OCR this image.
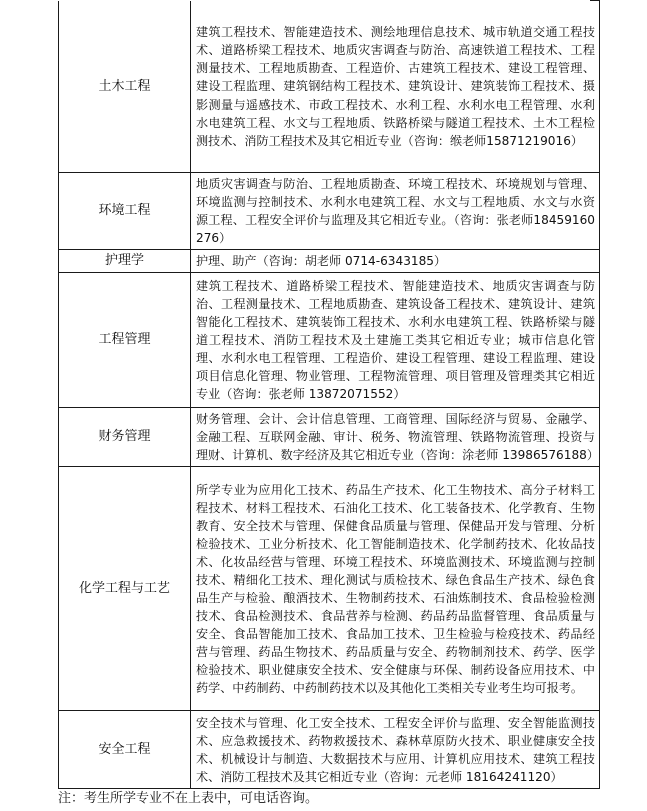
土木工程	建筑工程技术、智能建造技术、测绘地理信息技术、城市轨道交通工程技术、道路桥梁工程技术、地质灾害调查与防治、高速铁道工程技术、工程测量技术、工程地质勘查、工程造价、古建筑工程技术、建设工程管理、建设工程监理、建筑钢结构工程技术、建筑设计、建筑装饰工程技术、摄影测量与遥感技术、市政工程技术、水利工程、水利水电工程管理、水利水电建筑工程、水文与工程地质、铁路桥梁与隧道工程技术、土木工程检测技术、消防工程技术及其它相近专业（咨询：缑老师15871219016）
环境工程	地质灾害调查与防治、工程地质勘查、环境工程技术、环境规划与管理、环境监测与控制技术、水利水电建筑工程、水文与工程地质、水文与水资源工程、工程安全评价与监理及其它相近专业。（咨询：张老师18459160276）
护理学	护理、助产（咨询：胡老师 0714-6343185）
工程管理	建筑工程技术、道路桥梁工程技术、智能建造技术、地质灾害调查与防治、工程测量技术、工程地质勘查、建筑设备工程技术、建筑设计、建筑智能化工程技术、建筑装饰工程技术、水利水电建筑工程、铁路桥梁与隧道工程技术、消防工程技术及土建施工类其它相近专业；城市信息化管理、水利水电工程管理、工程造价、建设工程管理、建设工程监理、建设项目信息化管理、物业管理、工程物流管理、项目管理及管理类其它相近专业（咨询：张老师 13872071552）
财务管理	财务管理、会计、会计信息管理、工商管理、国际经济与贸易、金融学、金融工程、互联网金融、审计、税务、物流管理、铁路物流管理、投资与理财、计算机、数字经济及其它相近专业（咨询：涂老师 13986576188）
化学工程与工艺	所学专业为应用化工技术、药品生产技术、化工生物技术、高分子材料工程技术、材料工程技术、石油化工技术、化工装备技术、化学教育、生物教育、安全技术与管理、保健食品质量与管理、保健品开发与管理、分析检验技术、工业分析技术、化工智能制造技术、化学制药技术、化妆品技术、化妆品经营与管理、环境工程技术、环境监测技术、环境监测与控制技术、精细化工技术、理化测试与质检技术、绿色食品生产技术、绿色食品生产与检验、酿酒技术、生物制药技术、石油炼制技术、食品检验检测技术、食品检测技术、食品营养与检测、药品药品监督管理、食品质量与安全、食品智能加工技术、食品加工技术、卫生检验与检疫技术、药品经营与管理、药品生物技术、药品质量与安全、药物制剂技术、药学、医学检验技术、职业健康安全技术、安全健康与环保、制药设备应用技术、中药学、中药制药、中药制药技术以及其他化工类相关专业考生均可报考。
安全工程	安全技术与管理、化工安全技术、工程安全评价与监理、安全智能监测技术、应急救援技术、药物救援技术、森林草原防火技术、职业健康安全技术、机械设计与制造、大数据技术与应用、计算机应用技术、建筑工程技术、消防工程技术及其它相近专业（咨询：元老师 18164241120）
注：考生所学专业不在上表中，可电话咨询。
